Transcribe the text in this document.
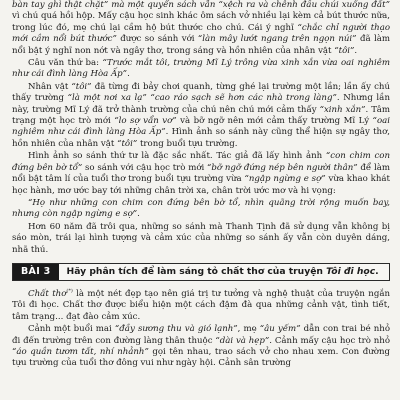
bàn tay ghì thật chặt” mà một quyển sách vẫn “xệch ra và chênh đầu chúi xuống đất” vì chú quá hồi hộp. Mấy cậu học sinh khác ôm sách vở nhiều lại kèm cả bút thước nữa, trong lúc đó, mẹ chú lại cầm hộ bút thước cho chú. Cái ý nghĩ “chắc chỉ người thạo mới cầm nổi bút thước” được so sánh với “làn mây lướt ngang trên ngọn núi” đã làm nổi bật ý nghĩ non nớt và ngây thơ, trong sáng và hồn nhiên của nhân vật “tôi”.

Câu văn thứ ba: “Trước mắt tôi, trường Mĩ Lý trông vừa xinh xắn vừa oai nghiêm như cái đình làng Hòa Ấp”.

Nhân vật “tôi” đã từng đi bảy chơi quanh, từng ghé lại trường một lần; lần ấy chú thấy trường “là một nơi xa lạ” “cao ráo sạch sẽ hơn các nhà trong làng”. Nhưng lần này, trường Mĩ Lý đã trở thành trường của chú nên chú mới cảm thấy “xinh xắn”. Tâm trạng một học trò mới “lo sợ vẩn vơ” và bỡ ngỡ nên mới cảm thấy trường Mĩ Lý “oai nghiêm như cái đình làng Hòa Ấp”. Hình ảnh so sánh này cũng thể hiện sự ngây thơ, hồn nhiên của nhân vật “tôi” trong buổi tựu trường.

Hình ảnh so sánh thứ tư là đặc sắc nhất. Tác giả đã lấy hình ảnh “con chim con đứng bên bờ tổ” so sánh với cậu học trò mới “bỡ ngỡ đứng nép bên người thân” để làm nổi bật tâm lí của tuổi thơ trong buổi tựu trường vừa “ngập ngừng e sợ” vừa khao khát học hành, mơ ước bay tới những chân trời xa, chân trời ước mơ và hi vọng:

“Họ như những con chim con đứng bên bờ tổ, nhìn quãng trời rộng muốn bay, nhưng còn ngập ngừng e sợ”.

Hơn 60 năm đã trôi qua, những so sánh mà Thanh Tịnh đã sử dụng vẫn không bị sáo mòn, trái lại hình tượng và cảm xúc của những so sánh ấy vẫn còn duyên dáng, nhã thú.

BÀI 3	Hãy phân tích để làm sáng tỏ chất thơ của truyện Tôi đi học.

Chất thơ(*) là một nét đẹp tạo nên giá trị tư tưởng và nghệ thuật của truyện ngắn Tôi đi học. Chất thơ được biểu hiện một cách đậm đà qua những cảnh vật, tình tiết, tâm trạng... đạt đào cảm xúc.

Cảnh một buổi mai “đầy sương thu và gió lạnh”, mẹ “âu yếm” dẫn con trai bé nhỏ đi đến trường trên con đường làng thân thuộc “dài và hẹp”. Cảnh mấy cậu học trò nhỏ “áo quần tươm tất, nhí nhảnh” gọi tên nhau, trao sách vở cho nhau xem. Con đường tựu trường của tuổi thơ đông vui như ngày hội. Cảnh sân trường
